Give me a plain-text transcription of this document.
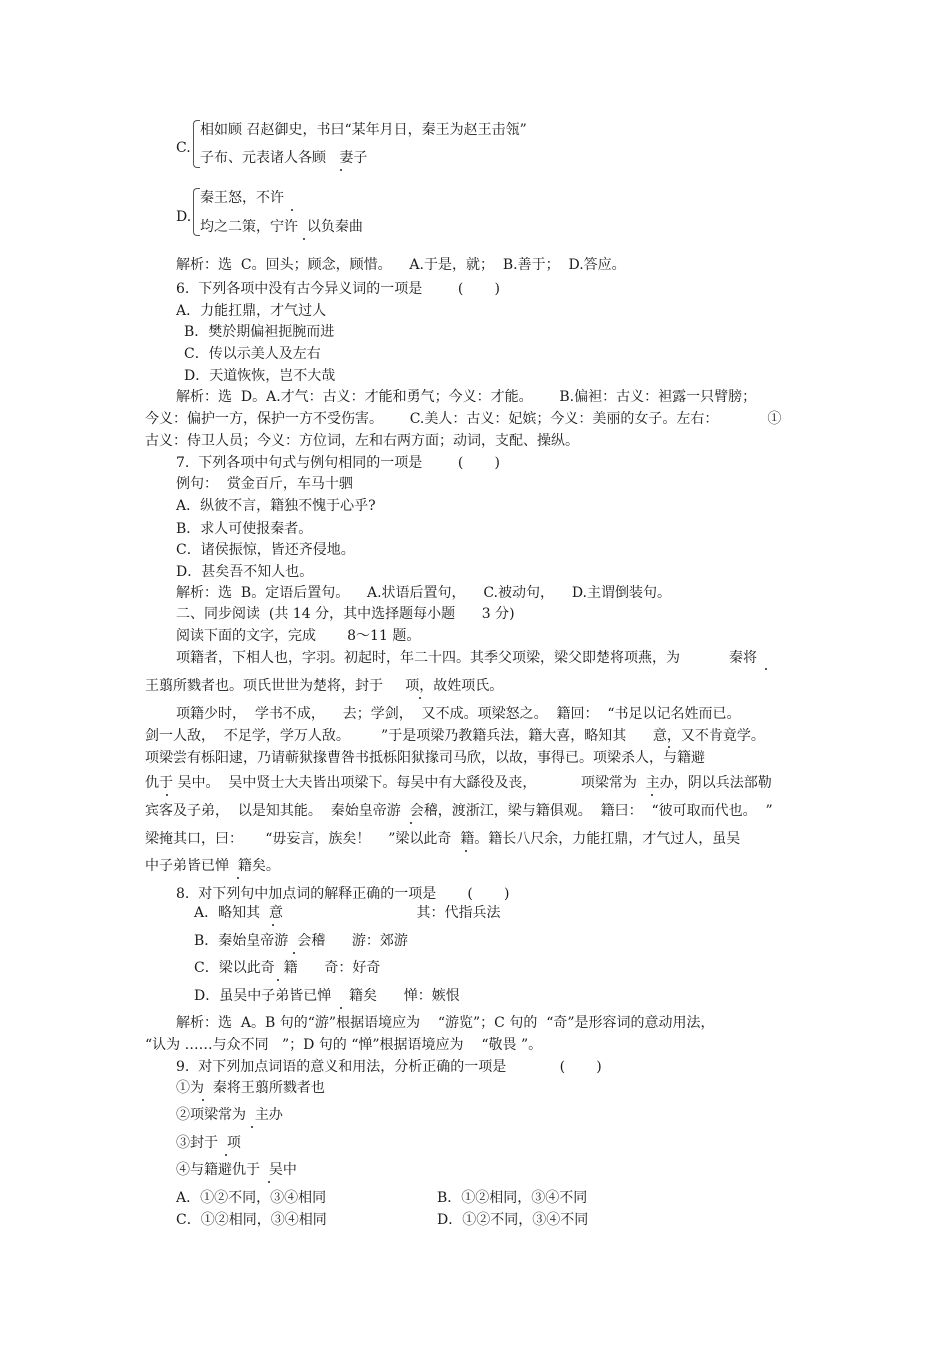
C.
相如顾 召赵御史，书曰“某年月日，秦王为赵王击瓴”
子布、元表诸人各顾   妻子
D.
秦王怒，不许
均之二策，宁许  以负秦曲
解析：选  C。回头；顾念，顾惜。    A.于是，就；  B.善于；  D.答应。
6.  下列各项中没有古今异义词的一项是        (       )
A．力能扛鼎，才气过人
B．樊於期偏袒扼腕而进
C．传以示美人及左右
D．天道恢恢，岂不大哉
解析：选  D。A.才气：古义：才能和勇气；今义：才能。      B.偏袒：古义：袒露一只臂膀；
今义：偏护一方，保护一方不受伤害。      C.美人：古义：妃嫔；今义：美丽的女子。左右：           ①
古义：侍卫人员；今义：方位词，左和右两方面；动词，支配、操纵。
7.  下列各项中句式与例句相同的一项是        (       )
例句：  赏金百斤，车马十驷
A．纵彼不言，籍独不愧于心乎?
B．求人可使报秦者。
C．诸侯振惊，皆还齐侵地。
D．甚矣吾不知人也。
解析：选  B。定语后置句。    A.状语后置句，    C.被动句，    D.主谓倒装句。
二、同步阅读  (共 14 分，其中选择题每小题      3 分)
阅读下面的文字，完成       8～11 题。
项籍者，下相人也，字羽。初起时，年二十四。其季父项梁，梁父即楚将项燕，为           秦将
王翦所戮者也。项氏世世为楚将，封于     项，故姓项氏。
项籍少时，  学书不成，    去；学剑，  又不成。项梁怒之。  籍回：  “书足以记名姓而已。
剑一人敌，  不足学，学万人敌。       ”于是项梁乃教籍兵法，籍大喜，略知其      意，又不肯竟学。
项梁尝有栎阳逮，乃请蕲狱掾曹咎书抵栎阳狱掾司马欣，以故，事得已。项梁杀人，与籍避
仇于 吴中。  吴中贤士大夫皆出项梁下。每吴中有大繇役及丧，          项梁常为  主办，阴以兵法部勒
宾客及子弟，  以是知其能。  秦始皇帝游  会稽，渡浙江，梁与籍俱观。  籍曰：  “彼可取而代也。  ”
梁掩其口，曰：     “毋妄言，族矣！    ”梁以此奇  籍。籍长八尺余，力能扛鼎，才气过人，虽吴
中子弟皆已惮  籍矣。
8.  对下列句中加点词的解释正确的一项是       (       )
A．略知其  意                              其：代指兵法
B．秦始皇帝游  会稽      游：郊游
C．梁以此奇  籍      奇：好奇
D．虽吴中子弟皆已惮    籍矣      惮：嫉恨
解析：选  A。B 句的“游”根据语境应为    “游览”；C 句的  “奇”是形容词的意动用法，
“认为 ……与众不同   ”；D 句的 “惮”根据语境应为    “敬畏 ”。
9.  对下列加点词语的意义和用法，分析正确的一项是            (       )
①为  秦将王翦所戮者也
②项梁常为  主办
③封于  项
④与籍避仇于  吴中
A．①②不同，③④相同	B．①②相同，③④不同
C．①②相同，③④相同	D．①②不同，③④不同
